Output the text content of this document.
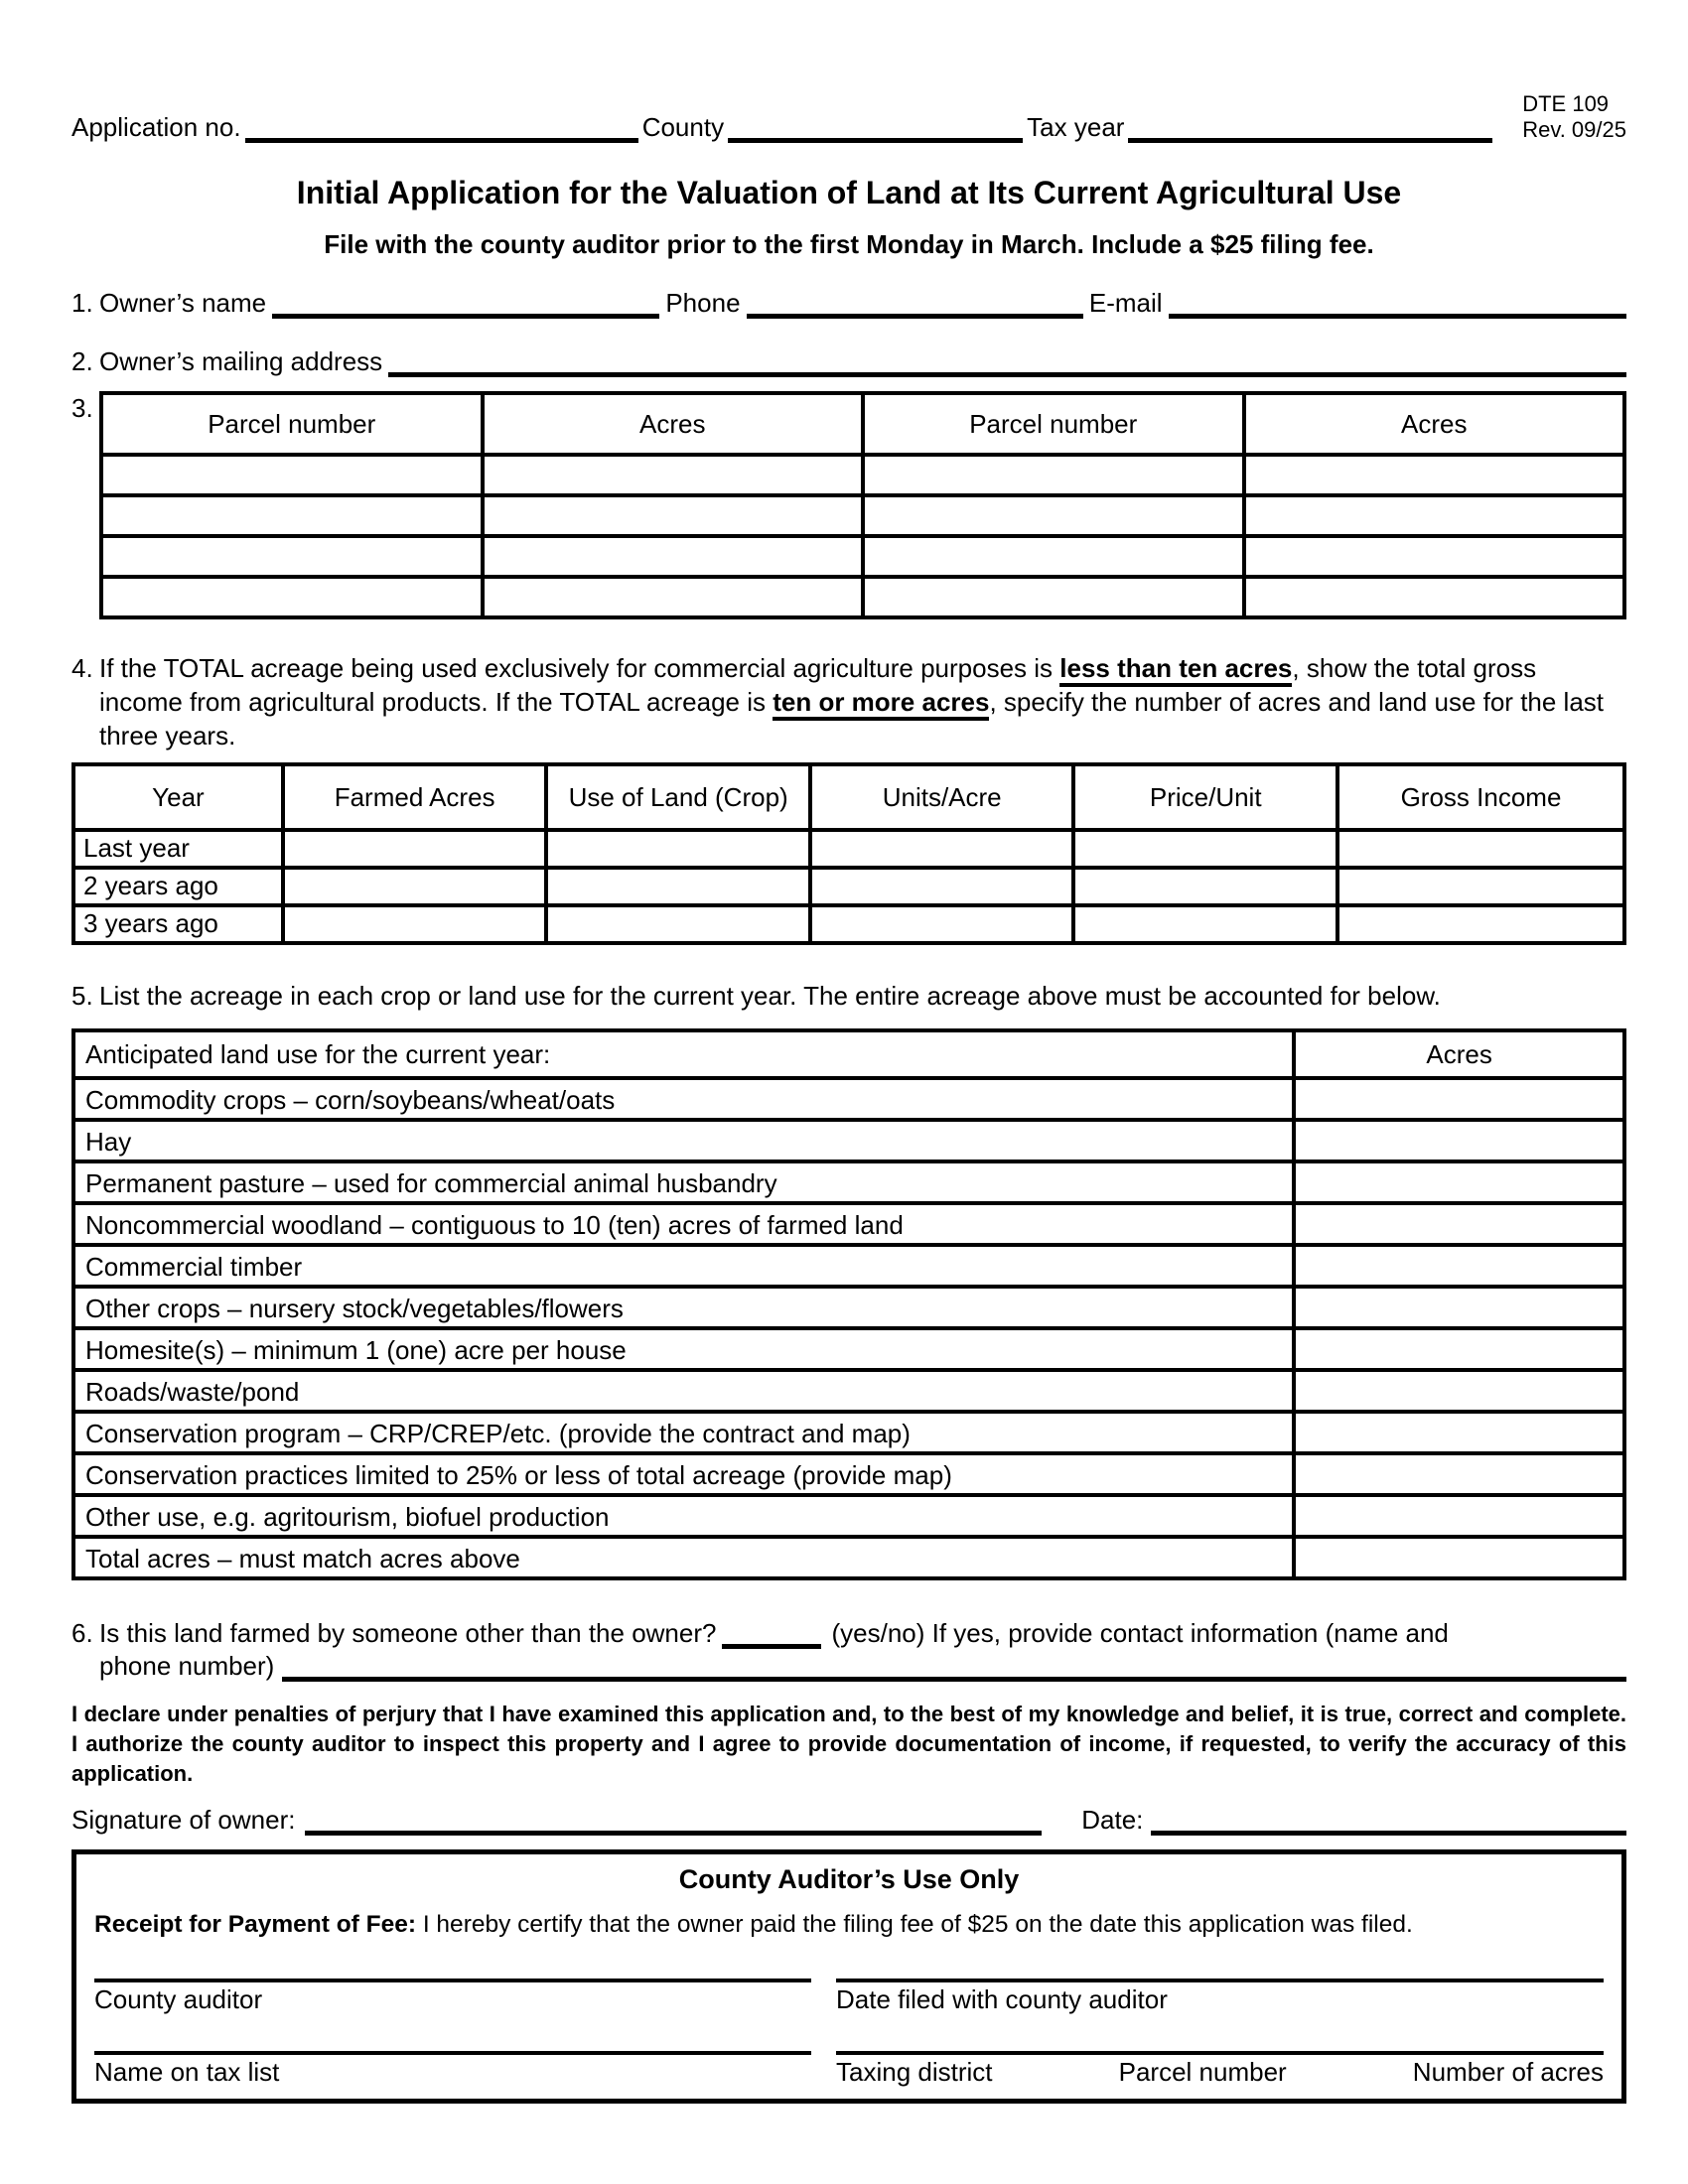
Application no.	County	Tax year
DTE 109
Rev. 09/25
Initial Application for the Valuation of Land at Its Current Agricultural Use
File with the county auditor prior to the first Monday in March. Include a $25 filing fee.
1. Owner’s name	Phone	E-mail
2. Owner’s mailing address
3.
Parcel number	Acres	Parcel number	Acres

4. If the TOTAL acreage being used exclusively for commercial agriculture purposes is less than ten acres, show the total gross income from agricultural products. If the TOTAL acreage is ten or more acres, specify the number of acres and land use for the last three years.
Year	Farmed Acres	Use of Land (Crop)	Units/Acre	Price/Unit	Gross Income
Last year					
2 years ago					
3 years ago					
5. List the acreage in each crop or land use for the current year. The entire acreage above must be accounted for below.
Anticipated land use for the current year:	Acres
Commodity crops – corn/soybeans/wheat/oats	
Hay	
Permanent pasture – used for commercial animal husbandry	
Noncommercial woodland – contiguous to 10 (ten) acres of farmed land	
Commercial timber	
Other crops – nursery stock/vegetables/flowers	
Homesite(s) – minimum 1 (one) acre per house	
Roads/waste/pond	
Conservation program – CRP/CREP/etc. (provide the contract and map)	
Conservation practices limited to 25% or less of total acreage (provide map)	
Other use, e.g. agritourism, biofuel production	
Total acres – must match acres above	
6. Is this land farmed by someone other than the owner?	(yes/no) If yes, provide contact information (name and
phone number)
I declare under penalties of perjury that I have examined this application and, to the best of my knowledge and belief, it is true, correct and complete. I authorize the county auditor to inspect this property and I agree to provide documentation of income, if requested, to verify the accuracy of this application.
Signature of owner:	Date:
County Auditor’s Use Only
Receipt for Payment of Fee: I hereby certify that the owner paid the filing fee of $25 on the date this application was filed.
County auditor	Date filed with county auditor
Name on tax list	Taxing district	Parcel number	Number of acres
